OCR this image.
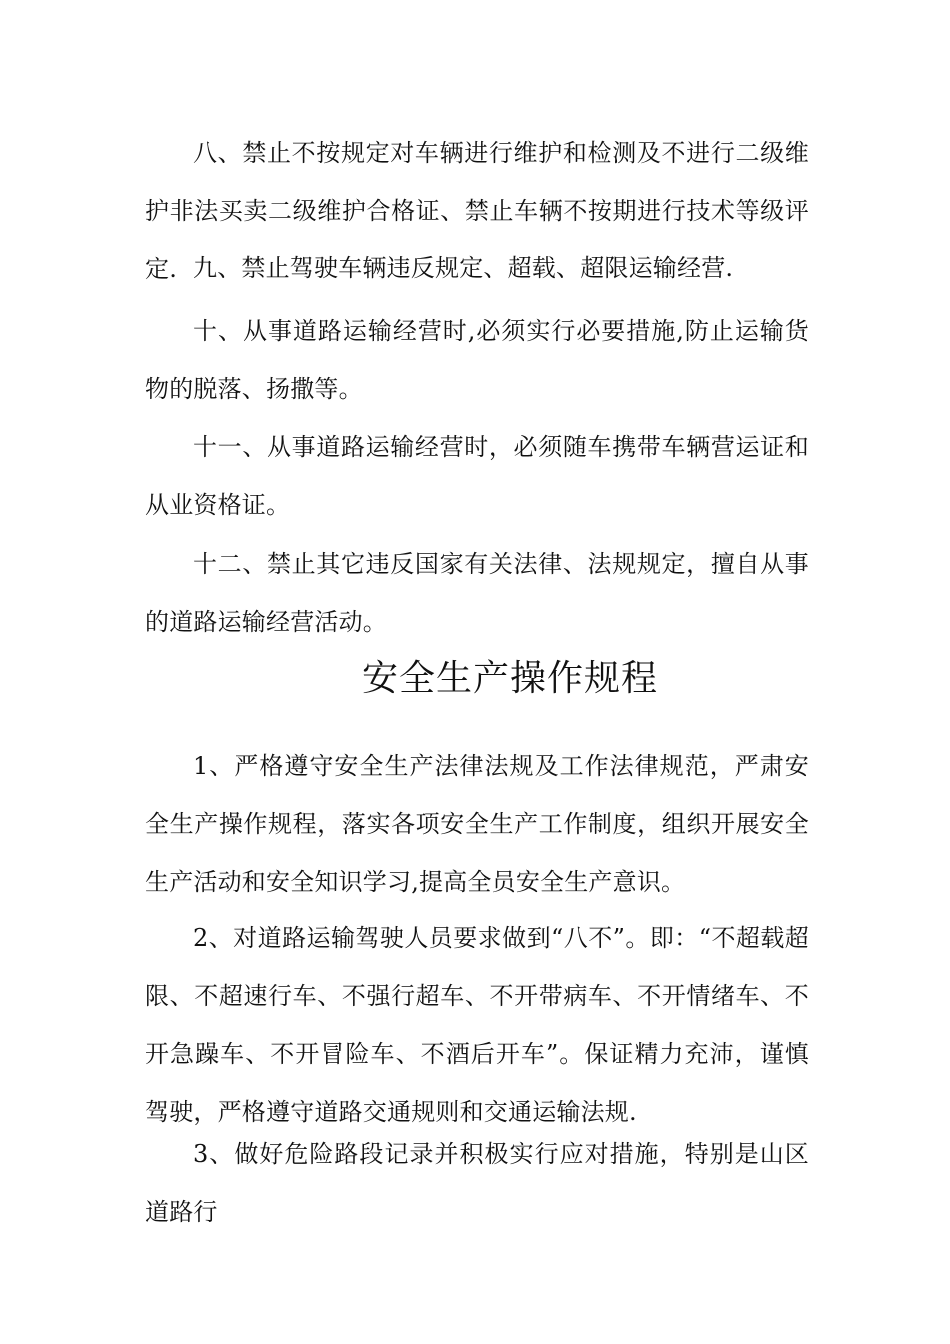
八、禁止不按规定对车辆进行维护和检测及不进行二级维护非法买卖二级维护合格证、禁止车辆不按期进行技术等级评定. 九、禁止驾驶车辆违反规定、超载、超限运输经营.

十、从事道路运输经营时,必须实行必要措施,防止运输货物的脱落、扬撒等。

十一、从事道路运输经营时，必须随车携带车辆营运证和从业资格证。

十二、禁止其它违反国家有关法律、法规规定，擅自从事的道路运输经营活动。

安全生产操作规程

1、严格遵守安全生产法律法规及工作法律规范，严肃安全生产操作规程，落实各项安全生产工作制度，组织开展安全生产活动和安全知识学习,提高全员安全生产意识。

2、对道路运输驾驶人员要求做到“八不”。即：“不超载超限、不超速行车、不强行超车、不开带病车、不开情绪车、不开急躁车、不开冒险车、不酒后开车”。保证精力充沛，谨慎驾驶，严格遵守道路交通规则和交通运输法规.

3、做好危险路段记录并积极实行应对措施，特别是山区道路行
